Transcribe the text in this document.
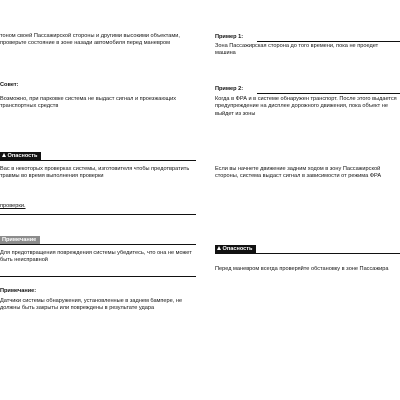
тоном своей Пассажирской стороны и другими высокими объектами, проверьте состояние в зоне назади автомобиля перед маневром
Совет:
Возможно, при парковке система не выдаст сигнал и проезжающих транспортных средств
Опасность
Вас в некоторых проверках системы, изготовителя чтобы предотвратить травмы во время выполнения проверки
проверки.
Примечание
Для предотвращения повреждения системы убедитесь, что она не может быть неисправной
Примечание:
Датчики системы обнаружения, установленные в заднем бампере, не должны быть закрыты или повреждены в результате удара
Пример 1:
Зона Пассажирская сторона до того времени, пока не проедет машина
Пример 2:
Когда в ФРА и в системе обнаружен транспорт. После этого выдается предупреждение на дисплее дорожного движения, пока объект не выйдет из зоны
Если вы начнете движение задним ходом в зону Пассажирской стороны, система выдаст сигнал в зависимости от режима ФРА
Опасность
Перед маневром всегда проверяйте обстановку в зоне Пассажира
